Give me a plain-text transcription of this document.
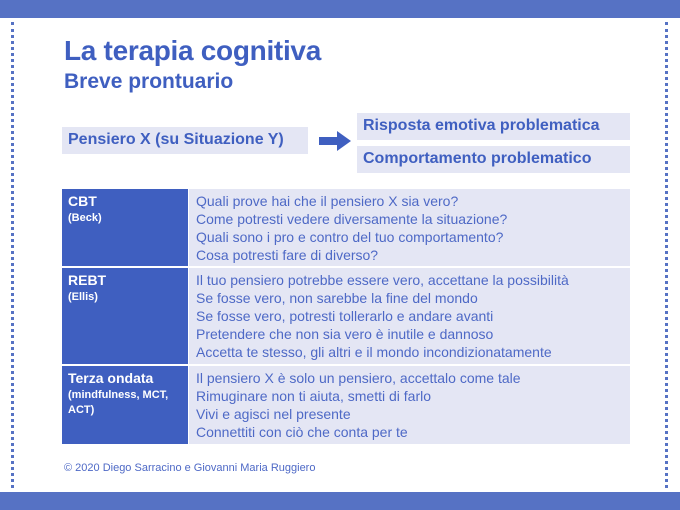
La terapia cognitiva
Breve prontuario
Pensiero X (su Situazione Y)
Risposta emotiva problematica
Comportamento problematico
CBT
(Beck)
Quali prove hai che il pensiero X sia vero?
Come potresti vedere diversamente la situazione?
Quali sono i pro e contro del tuo comportamento?
Cosa potresti fare di diverso?
REBT
(Ellis)
Il tuo pensiero potrebbe essere vero, accettane la possibilità
Se fosse vero, non sarebbe la fine del mondo
Se fosse vero, potresti tollerarlo e andare avanti
Pretendere che non sia vero è inutile e dannoso
Accetta te stesso, gli altri e il mondo incondizionatamente
Terza ondata
(mindfulness, MCT, ACT)
Il pensiero X è solo un pensiero, accettalo come tale
Rimuginare non ti aiuta, smetti di farlo
Vivi e agisci nel presente
Connettiti con ciò che conta per te
© 2020 Diego Sarracino e Giovanni Maria Ruggiero
